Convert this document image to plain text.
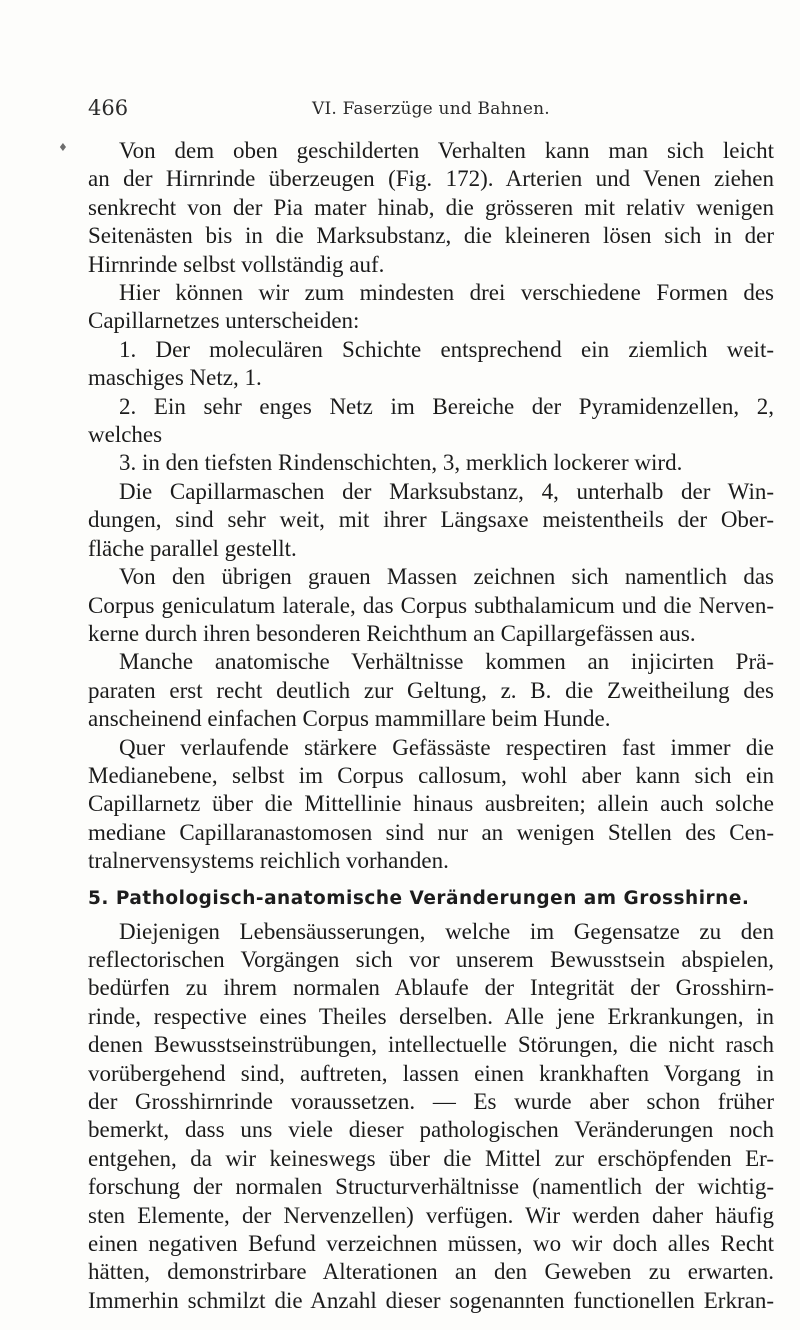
466	VI. Faserzüge und Bahnen.
♦	Von dem oben geschilderten Verhalten kann man sich leicht
an der Hirnrinde überzeugen (Fig. 172). Arterien und Venen ziehen
senkrecht von der Pia mater hinab, die grösseren mit relativ wenigen
Seitenästen bis in die Marksubstanz, die kleineren lösen sich in der
Hirnrinde selbst vollständig auf.

Hier können wir zum mindesten drei verschiedene Formen des
Capillarnetzes unterscheiden:

1. Der moleculären Schichte entsprechend ein ziemlich weit-
maschiges Netz, 1.

2. Ein sehr enges Netz im Bereiche der Pyramidenzellen, 2,
welches

3. in den tiefsten Rindenschichten, 3, merklich lockerer wird.

Die Capillarmaschen der Marksubstanz, 4, unterhalb der Win-
dungen, sind sehr weit, mit ihrer Längsaxe meistentheils der Ober-
fläche parallel gestellt.

Von den übrigen grauen Massen zeichnen sich namentlich das
Corpus geniculatum laterale, das Corpus subthalamicum und die Nerven-
kerne durch ihren besonderen Reichthum an Capillargefässen aus.

Manche anatomische Verhältnisse kommen an injicirten Prä-
paraten erst recht deutlich zur Geltung, z. B. die Zweitheilung des
anscheinend einfachen Corpus mammillare beim Hunde.

Quer verlaufende stärkere Gefässäste respectiren fast immer die
Medianebene, selbst im Corpus callosum, wohl aber kann sich ein
Capillarnetz über die Mittellinie hinaus ausbreiten; allein auch solche
mediane Capillaranastomosen sind nur an wenigen Stellen des Cen-
tralnervensystems reichlich vorhanden.

5. Pathologisch-anatomische Veränderungen am Grosshirne.

Diejenigen Lebensäusserungen, welche im Gegensatze zu den
reflectorischen Vorgängen sich vor unserem Bewusstsein abspielen,
bedürfen zu ihrem normalen Ablaufe der Integrität der Grosshirn-
rinde, respective eines Theiles derselben. Alle jene Erkrankungen, in
denen Bewusstseinstrübungen, intellectuelle Störungen, die nicht rasch
vorübergehend sind, auftreten, lassen einen krankhaften Vorgang in
der Grosshirnrinde voraussetzen. — Es wurde aber schon früher
bemerkt, dass uns viele dieser pathologischen Veränderungen noch
entgehen, da wir keineswegs über die Mittel zur erschöpfenden Er-
forschung der normalen Structurverhältnisse (namentlich der wichtig-
sten Elemente, der Nervenzellen) verfügen. Wir werden daher häufig
einen negativen Befund verzeichnen müssen, wo wir doch alles Recht
hätten, demonstrirbare Alterationen an den Geweben zu erwarten.
Immerhin schmilzt die Anzahl dieser sogenannten functionellen Erkran-
